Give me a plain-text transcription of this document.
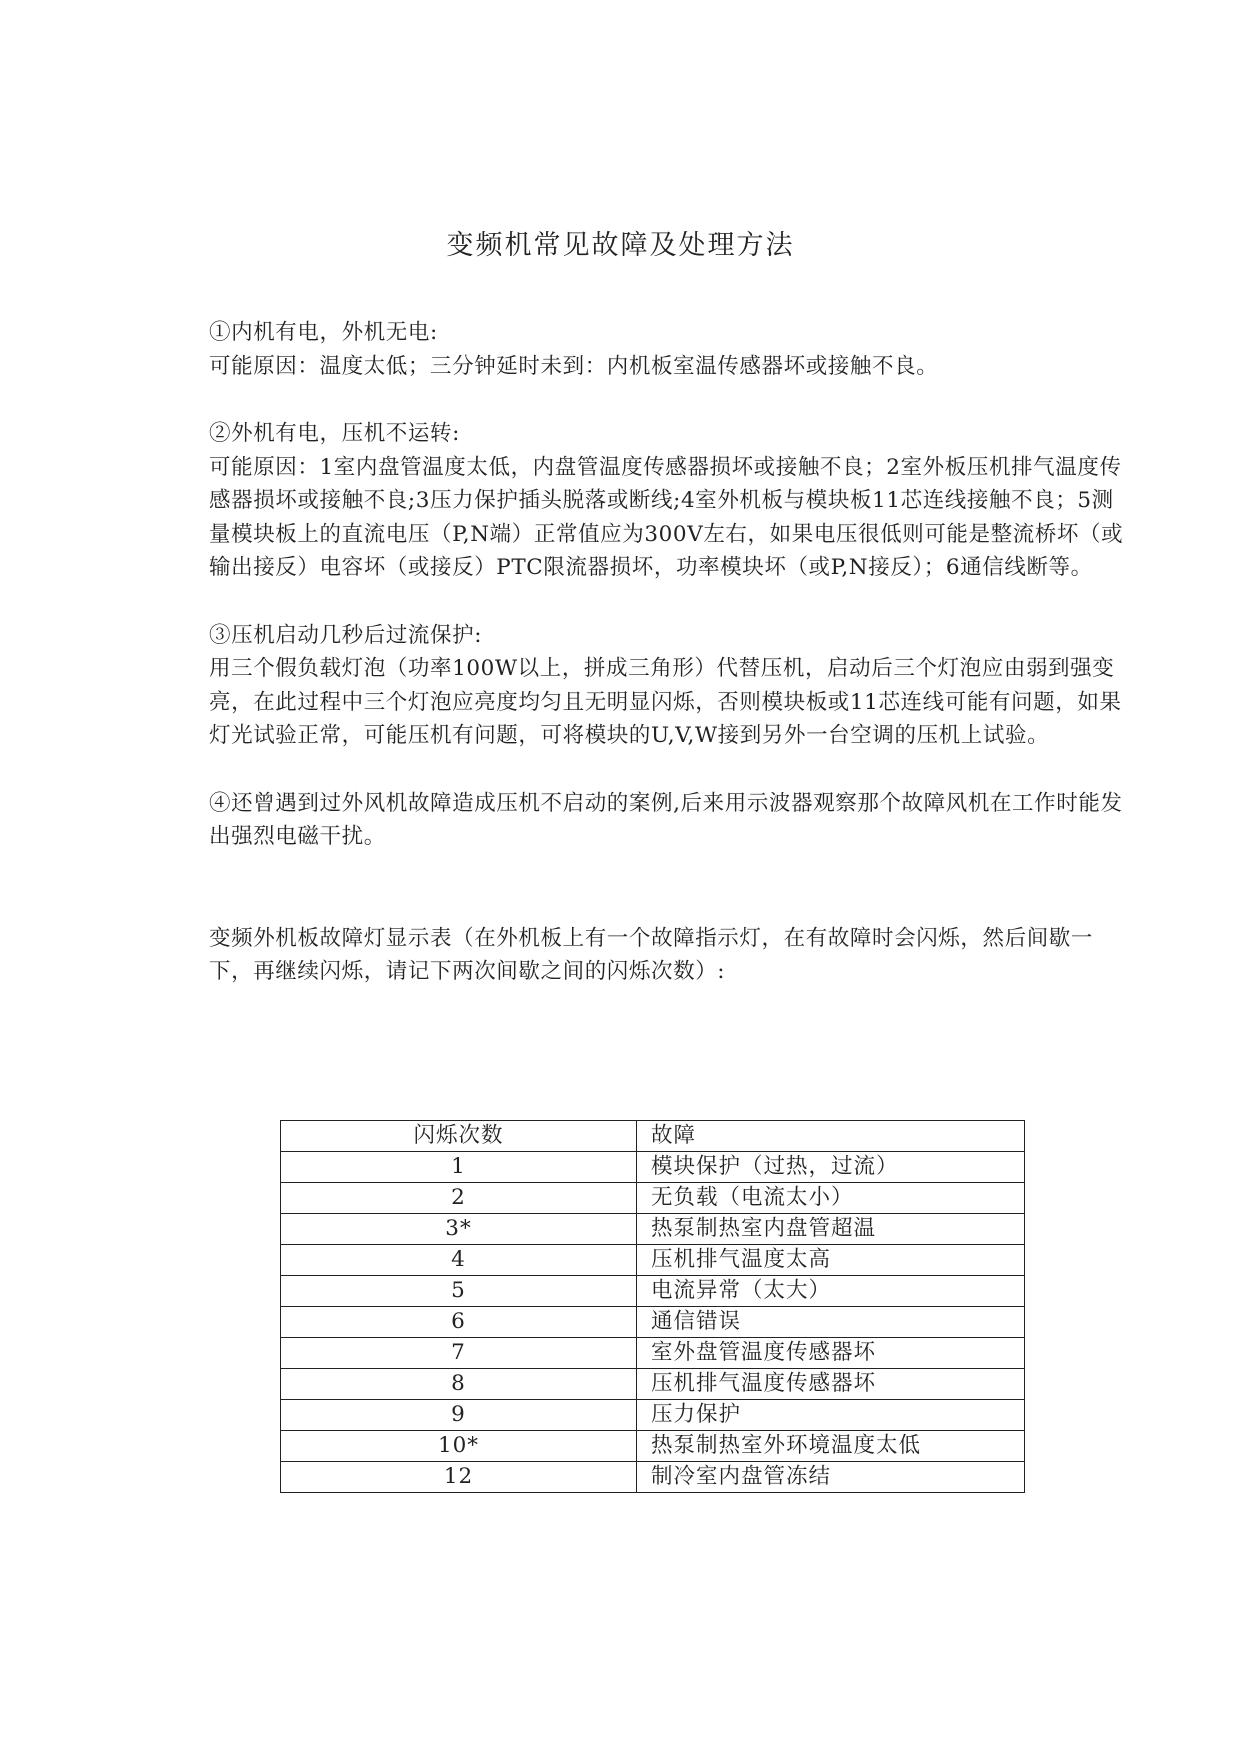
变频机常见故障及处理方法

①内机有电，外机无电:

可能原因：温度太低；三分钟延时未到：内机板室温传感器坏或接触不良。

②外机有电，压机不运转:

可能原因：1室内盘管温度太低，内盘管温度传感器损坏或接触不良；2室外板压机排气温度传感器损坏或接触不良;3压力保护插头脱落或断线;4室外机板与模块板11芯连线接触不良；5测量模块板上的直流电压（P,N端）正常值应为300V左右，如果电压很低则可能是整流桥坏（或输出接反）电容坏（或接反）PTC限流器损坏，功率模块坏（或P,N接反）；6通信线断等。

③压机启动几秒后过流保护:

用三个假负载灯泡（功率100W以上，拼成三角形）代替压机，启动后三个灯泡应由弱到强变亮，在此过程中三个灯泡应亮度均匀且无明显闪烁，否则模块板或11芯连线可能有问题，如果灯光试验正常，可能压机有问题，可将模块的U,V,W接到另外一台空调的压机上试验。

④还曾遇到过外风机故障造成压机不启动的案例,后来用示波器观察那个故障风机在工作时能发出强烈电磁干扰。

变频外机板故障灯显示表（在外机板上有一个故障指示灯，在有故障时会闪烁，然后间歇一下，再继续闪烁，请记下两次间歇之间的闪烁次数）:

闪烁次数	故障
1	模块保护（过热，过流）
2	无负载（电流太小）
3*	热泵制热室内盘管超温
4	压机排气温度太高
5	电流异常（太大）
6	通信错误
7	室外盘管温度传感器坏
8	压机排气温度传感器坏
9	压力保护
10*	热泵制热室外环境温度太低
12	制冷室内盘管冻结
